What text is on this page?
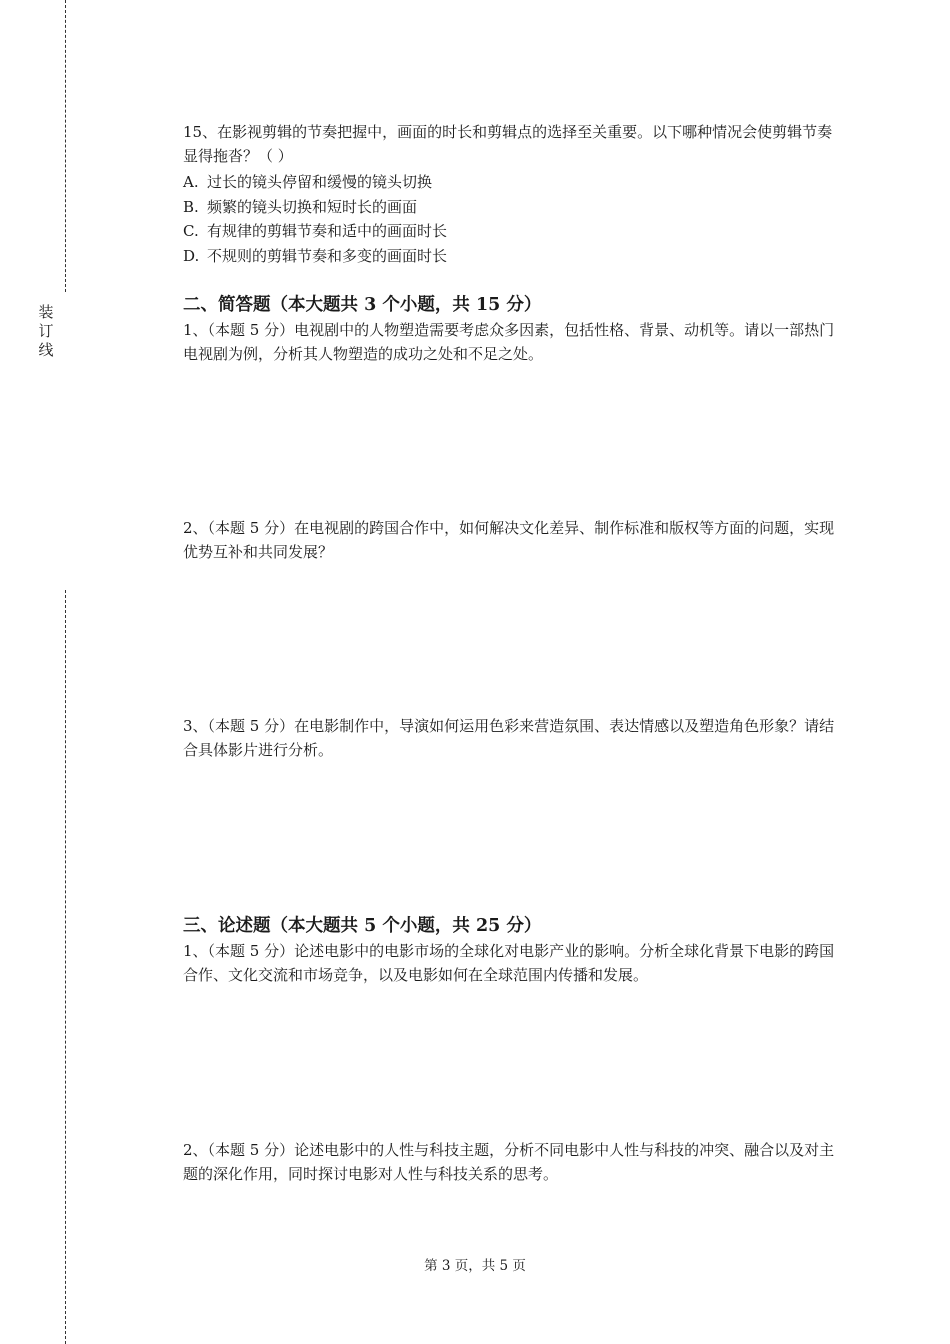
装
订
线

15、在影视剪辑的节奏把握中，画面的时长和剪辑点的选择至关重要。以下哪种情况会使剪辑节奏显得拖沓？（ ）

A. 过长的镜头停留和缓慢的镜头切换

B. 频繁的镜头切换和短时长的画面

C. 有规律的剪辑节奏和适中的画面时长

D. 不规则的剪辑节奏和多变的画面时长

二、简答题（本大题共 3 个小题，共 15 分）

1、（本题 5 分）电视剧中的人物塑造需要考虑众多因素，包括性格、背景、动机等。请以一部热门电视剧为例，分析其人物塑造的成功之处和不足之处。

2、（本题 5 分）在电视剧的跨国合作中，如何解决文化差异、制作标准和版权等方面的问题，实现优势互补和共同发展？

3、（本题 5 分）在电影制作中，导演如何运用色彩来营造氛围、表达情感以及塑造角色形象？请结合具体影片进行分析。

三、论述题（本大题共 5 个小题，共 25 分）

1、（本题 5 分）论述电影中的电影市场的全球化对电影产业的影响。分析全球化背景下电影的跨国合作、文化交流和市场竞争，以及电影如何在全球范围内传播和发展。

2、（本题 5 分）论述电影中的人性与科技主题，分析不同电影中人性与科技的冲突、融合以及对主题的深化作用，同时探讨电影对人性与科技关系的思考。

第 3 页，共 5 页
